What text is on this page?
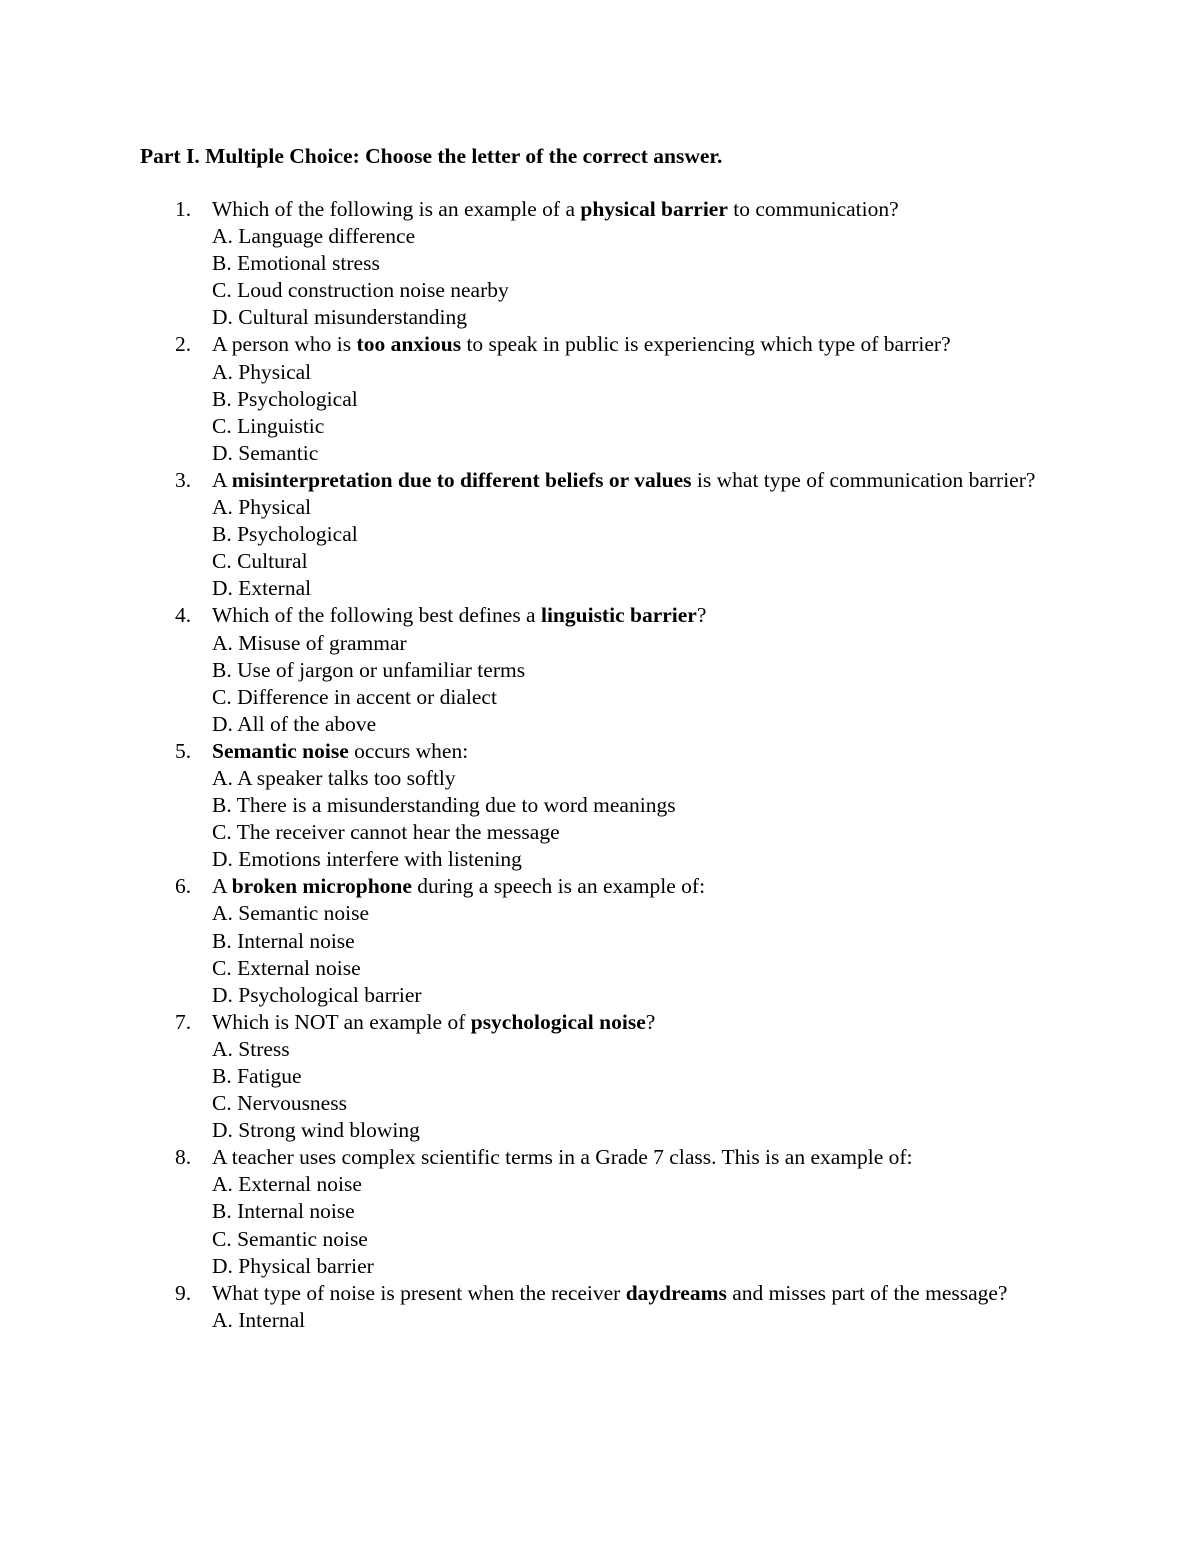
Part I. Multiple Choice: Choose the letter of the correct answer.
1. Which of the following is an example of a physical barrier to communication?
A. Language difference
B. Emotional stress
C. Loud construction noise nearby
D. Cultural misunderstanding
2. A person who is too anxious to speak in public is experiencing which type of barrier?
A. Physical
B. Psychological
C. Linguistic
D. Semantic
3. A misinterpretation due to different beliefs or values is what type of communication barrier?
A. Physical
B. Psychological
C. Cultural
D. External
4. Which of the following best defines a linguistic barrier?
A. Misuse of grammar
B. Use of jargon or unfamiliar terms
C. Difference in accent or dialect
D. All of the above
5. Semantic noise occurs when:
A. A speaker talks too softly
B. There is a misunderstanding due to word meanings
C. The receiver cannot hear the message
D. Emotions interfere with listening
6. A broken microphone during a speech is an example of:
A. Semantic noise
B. Internal noise
C. External noise
D. Psychological barrier
7. Which is NOT an example of psychological noise?
A. Stress
B. Fatigue
C. Nervousness
D. Strong wind blowing
8. A teacher uses complex scientific terms in a Grade 7 class. This is an example of:
A. External noise
B. Internal noise
C. Semantic noise
D. Physical barrier
9. What type of noise is present when the receiver daydreams and misses part of the message?
A. Internal
